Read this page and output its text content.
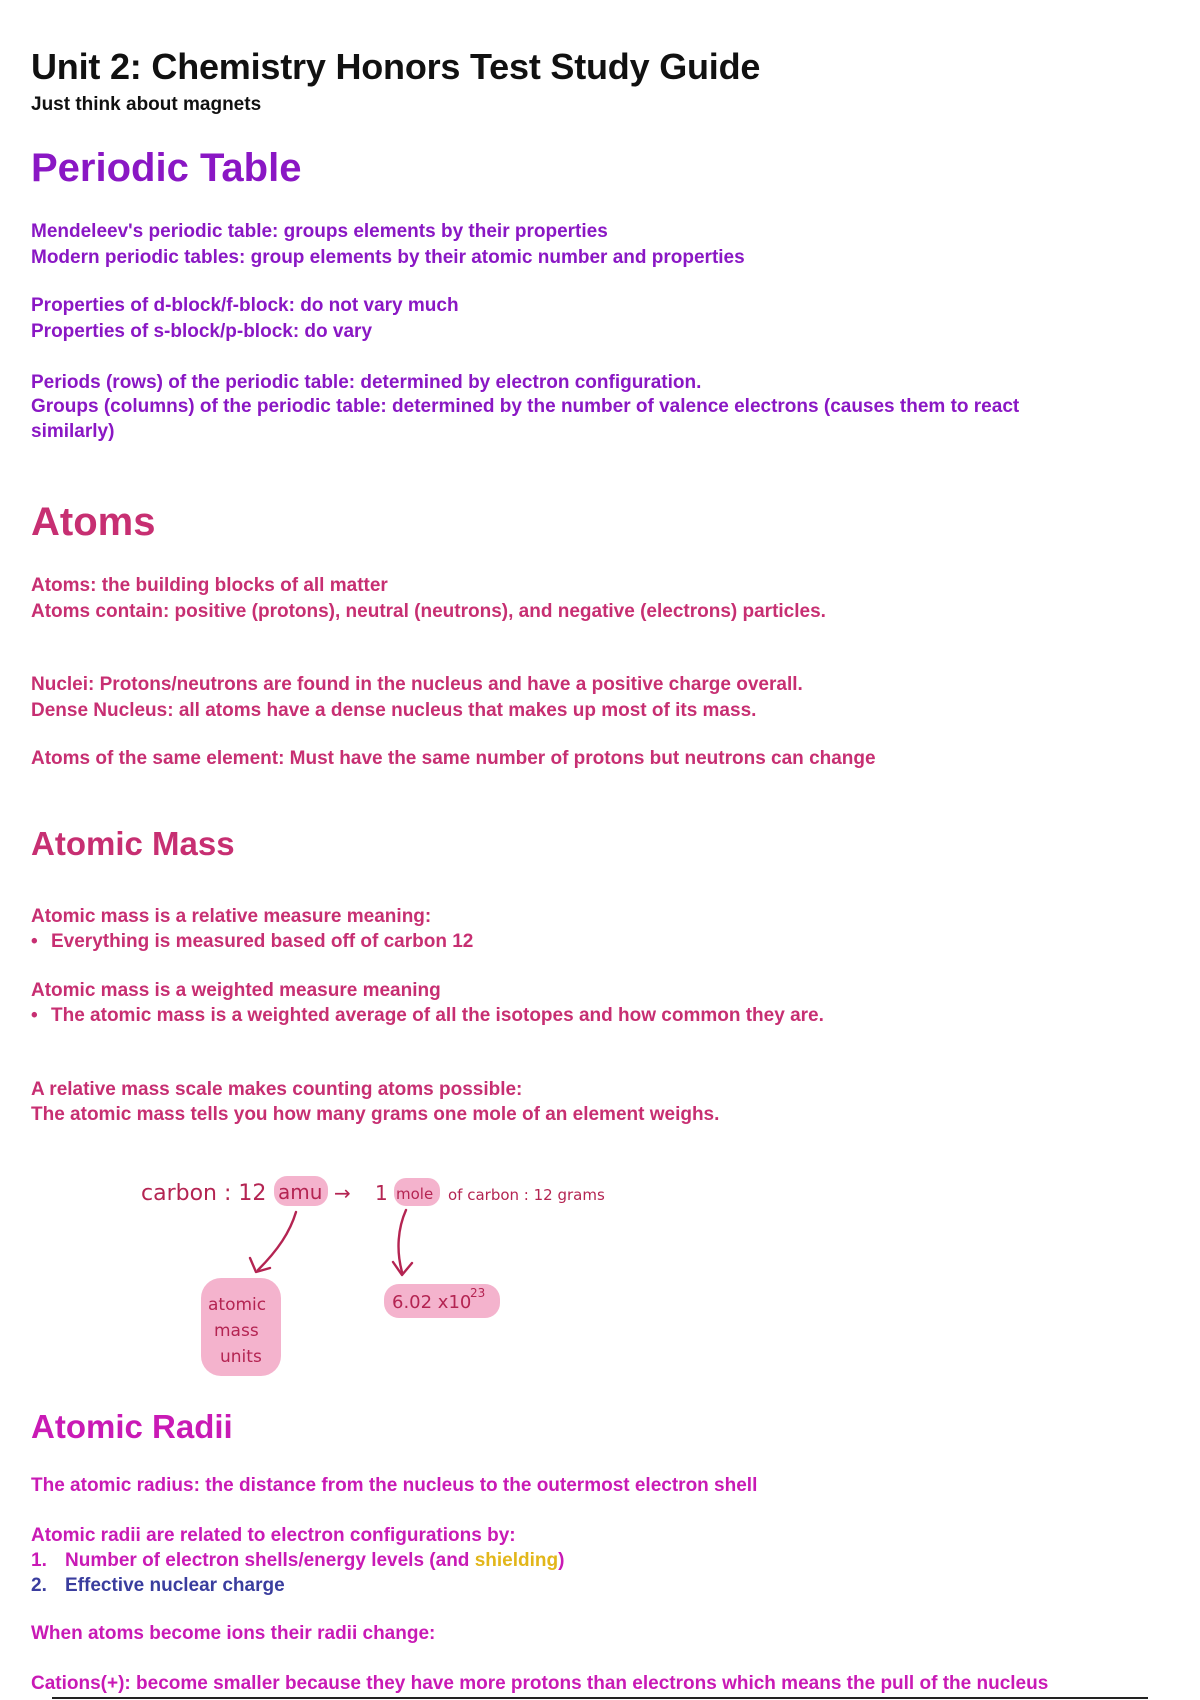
Unit 2: Chemistry Honors Test Study Guide

Just think about magnets

Periodic Table

Mendeleev's periodic table: groups elements by their properties

Modern periodic tables: group elements by their atomic number and properties

Properties of d-block/f-block: do not vary much

Properties of s-block/p-block: do vary

Periods (rows) of the periodic table: determined by electron configuration.

Groups (columns) of the periodic table: determined by the number of valence electrons (causes them to react

similarly)

Atoms

Atoms: the building blocks of all matter

Atoms contain: positive (protons), neutral (neutrons), and negative (electrons) particles.

Nuclei: Protons/neutrons are found in the nucleus and have a positive charge overall.

Dense Nucleus: all atoms have a dense nucleus that makes up most of its mass.

Atoms of the same element: Must have the same number of protons but neutrons can change

Atomic Mass

Atomic mass is a relative measure meaning:

• Everything is measured based off of carbon 12

Atomic mass is a weighted measure meaning

• The atomic mass is a weighted average of all the isotopes and how common they are.

A relative mass scale makes counting atoms possible:

The atomic mass tells you how many grams one mole of an element weighs.

carbon : 12 amu → 1 mole of carbon : 12 grams
atomic
mass
units
6.02 x10
23
Atomic Radii

The atomic radius: the distance from the nucleus to the outermost electron shell

Atomic radii are related to electron configurations by:

1. Number of electron shells/energy levels (and shielding)

2. Effective nuclear charge

When atoms become ions their radii change:

Cations(+): become smaller because they have more protons than electrons which means the pull of the nucleus
